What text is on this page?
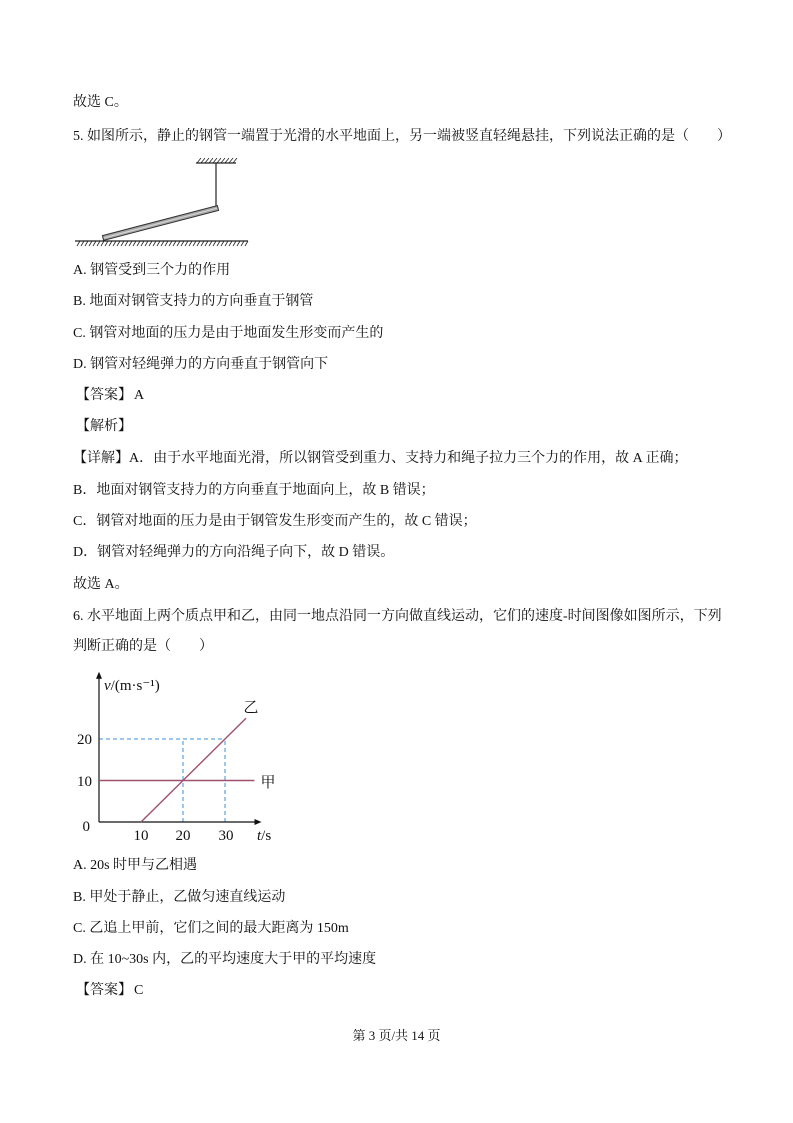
故选 C。
5. 如图所示，静止的钢管一端置于光滑的水平地面上，另一端被竖直轻绳悬挂，下列说法正确的是（　　）
A. 钢管受到三个力的作用
B. 地面对钢管支持力的方向垂直于钢管
C. 钢管对地面的压力是由于地面发生形变而产生的
D. 钢管对轻绳弹力的方向垂直于钢管向下
【答案】 A
【解析】
【详解】A．由于水平地面光滑，所以钢管受到重力、支持力和绳子拉力三个力的作用，故 A 正确；
B．地面对钢管支持力的方向垂直于地面向上，故 B 错误；
C．钢管对地面的压力是由于钢管发生形变而产生的，故 C 错误；
D．钢管对轻绳弹力的方向沿绳子向下，故 D 错误。
故选 A。
6. 水平地面上两个质点甲和乙，由同一地点沿同一方向做直线运动，它们的速度-时间图像如图所示，下列
判断正确的是（　　）
v/(m·s⁻¹)
t/s
20
10
0
10 20 30
甲
乙
A. 20s 时甲与乙相遇
B. 甲处于静止，乙做匀速直线运动
C. 乙追上甲前，它们之间的最大距离为 150m
D. 在 10~30s 内，乙的平均速度大于甲的平均速度
【答案】 C
第 3 页/共 14 页
